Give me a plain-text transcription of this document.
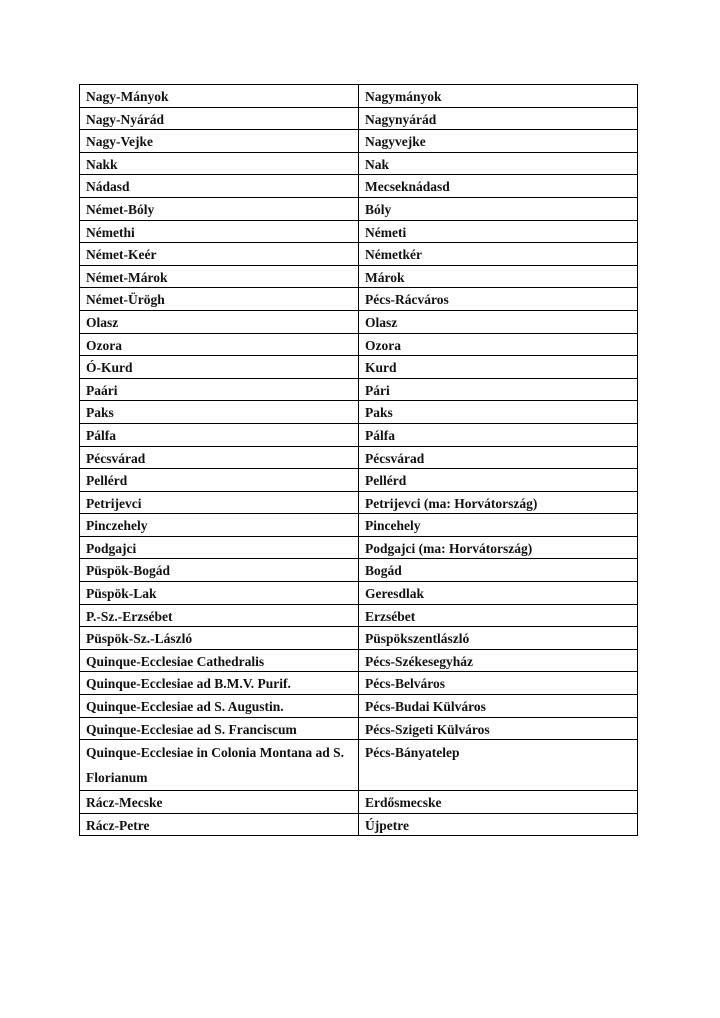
Nagy-Mányok	Nagymányok
Nagy-Nyárád	Nagynyárád
Nagy-Vejke	Nagyvejke
Nakk	Nak
Nádasd	Mecseknádasd
Német-Bóly	Bóly
Némethi	Németi
Német-Keér	Németkér
Német-Márok	Márok
Német-Ürögh	Pécs-Rácváros
Olasz	Olasz
Ozora	Ozora
Ó-Kurd	Kurd
Paári	Pári
Paks	Paks
Pálfa	Pálfa
Pécsvárad	Pécsvárad
Pellérd	Pellérd
Petrijevci	Petrijevci (ma: Horvátország)
Pinczehely	Pincehely
Podgajci	Podgajci (ma: Horvátország)
Püspök-Bogád	Bogád
Püspök-Lak	Geresdlak
P.-Sz.-Erzsébet	Erzsébet
Püspök-Sz.-László	Püspökszentlászló
Quinque-Ecclesiae Cathedralis	Pécs-Székesegyház
Quinque-Ecclesiae ad B.M.V. Purif.	Pécs-Belváros
Quinque-Ecclesiae ad S. Augustin.	Pécs-Budai Külváros
Quinque-Ecclesiae ad S. Franciscum	Pécs-Szigeti Külváros
Quinque-Ecclesiae in Colonia Montana ad S. Florianum	Pécs-Bányatelep
Rácz-Mecske	Erdősmecske
Rácz-Petre	Újpetre
